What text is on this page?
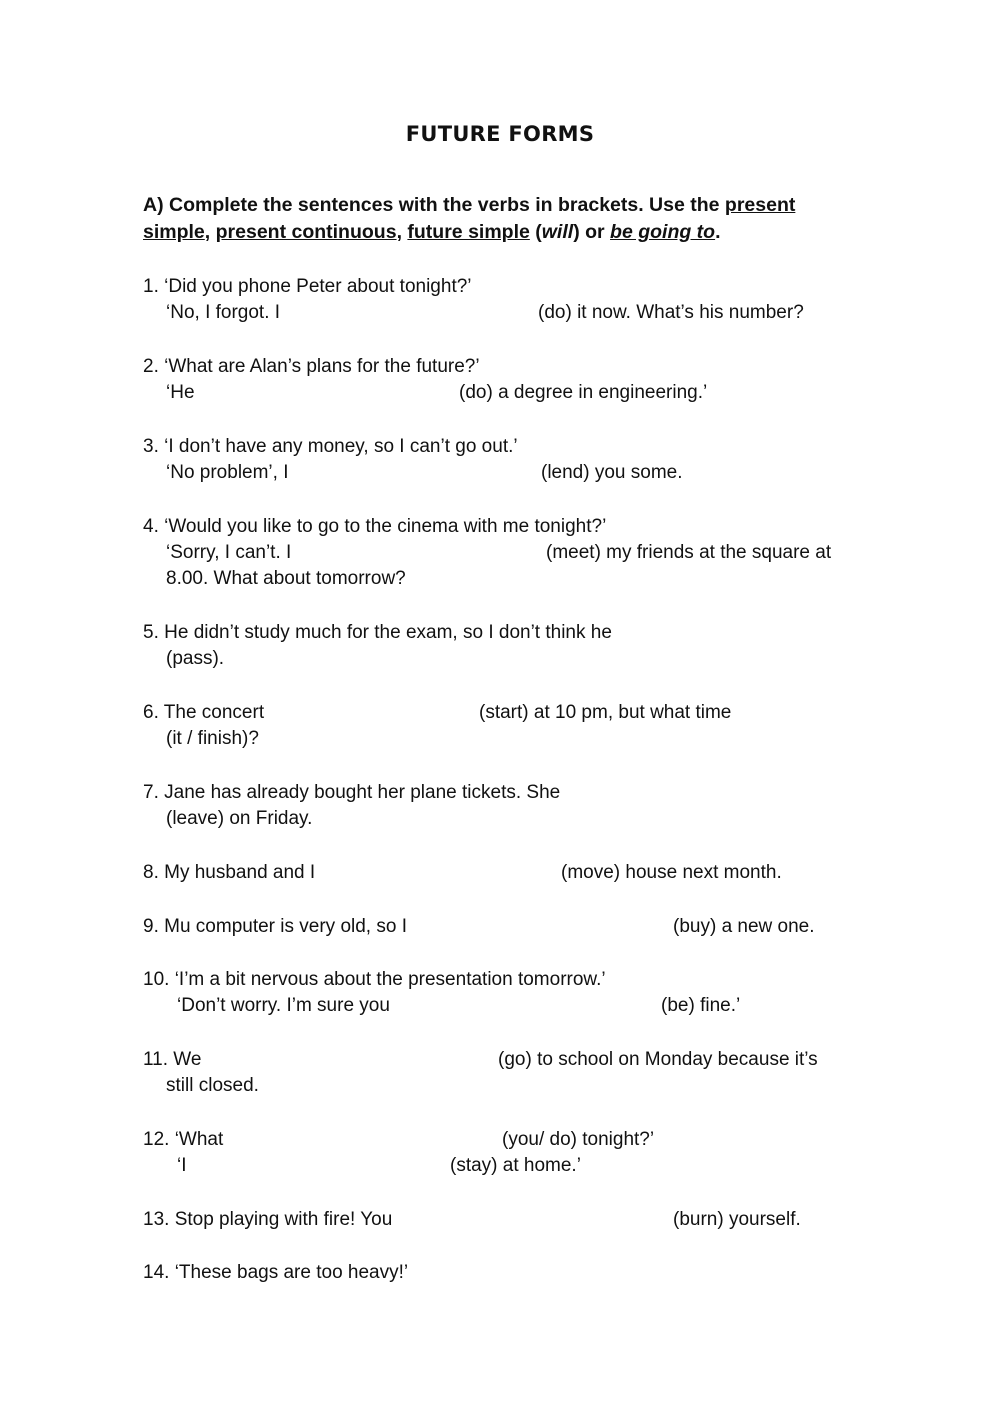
FUTURE FORMS
A) Complete the sentences with the verbs in brackets. Use the present simple, present continuous, future simple (will) or be going to.
1. ‘Did you phone Peter about tonight?’
‘No, I forgot. I	(do) it now. What’s his number?
2. ‘What are Alan’s plans for the future?’
‘He	(do) a degree in engineering.’
3. ‘I don’t have any money, so I can’t go out.’
‘No problem’, I	(lend) you some.
4. ‘Would you like to go to the cinema with me tonight?’
‘Sorry, I can’t. I	(meet) my friends at the square at
8.00. What about tomorrow?
5. He didn’t study much for the exam, so I don’t think he
(pass).
6. The concert	(start) at 10 pm, but what time
(it / finish)?
7. Jane has already bought her plane tickets. She
(leave) on Friday.
8. My husband and I	(move) house next month.
9. Mu computer is very old, so I	(buy) a new one.
10. ‘I’m a bit nervous about the presentation tomorrow.’
‘Don’t worry. I’m sure you	(be) fine.’
11. We	(go) to school on Monday because it’s
still closed.
12. ‘What	(you/ do) tonight?’
‘I	(stay) at home.’
13. Stop playing with fire! You	(burn) yourself.
14. ‘These bags are too heavy!’
